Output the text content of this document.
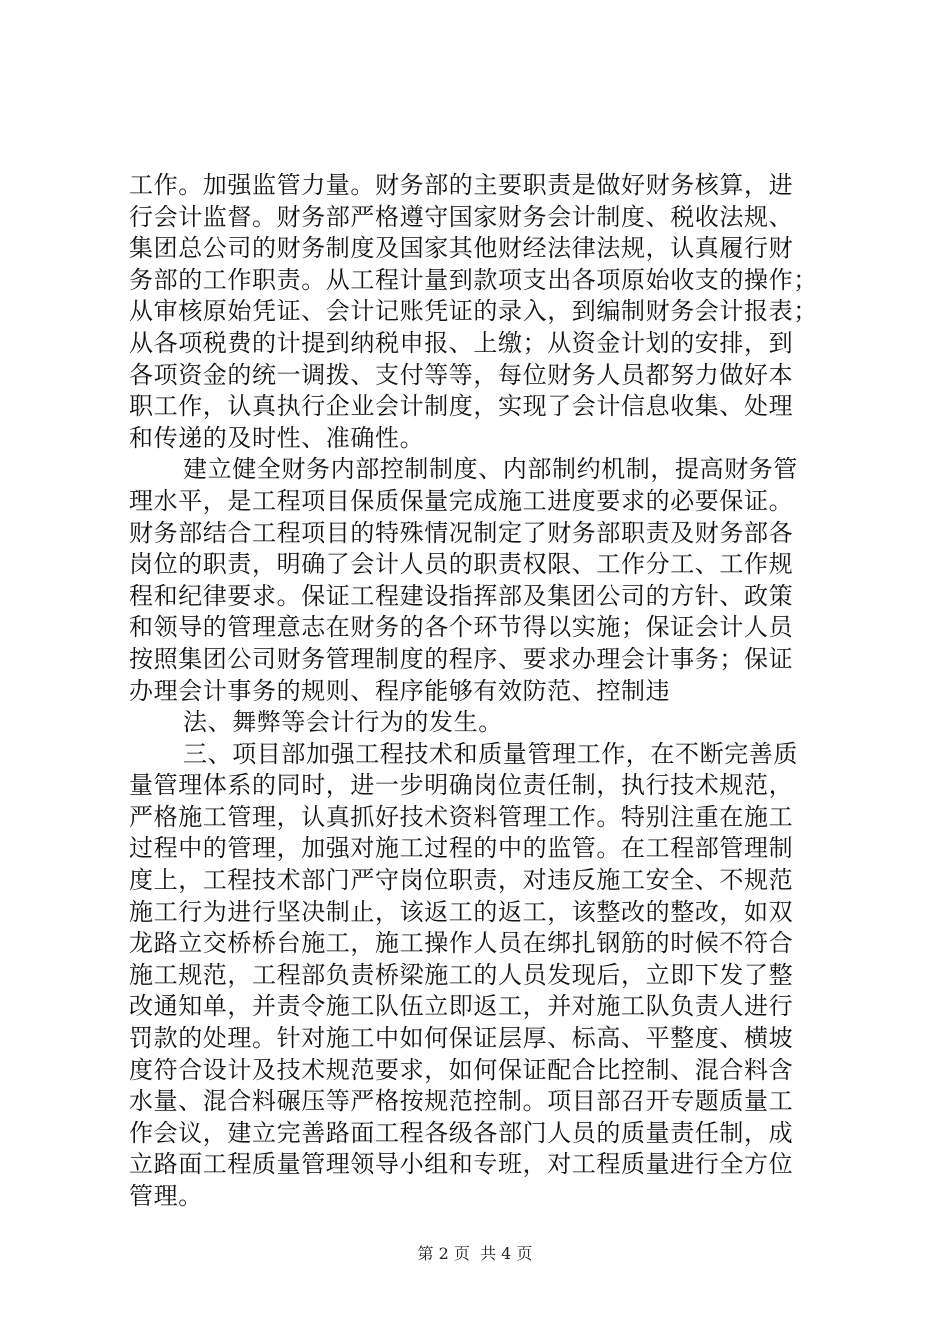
工作。加强监管力量。财务部的主要职责是做好财务核算，进
行会计监督。财务部严格遵守国家财务会计制度、税收法规、
集团总公司的财务制度及国家其他财经法律法规，认真履行财
务部的工作职责。从工程计量到款项支出各项原始收支的操作；
从审核原始凭证、会计记账凭证的录入，到编制财务会计报表；
从各项税费的计提到纳税申报、上缴；从资金计划的安排，到
各项资金的统一调拨、支付等等，每位财务人员都努力做好本
职工作，认真执行企业会计制度，实现了会计信息收集、处理
和传递的及时性、准确性。
建立健全财务内部控制制度、内部制约机制，提高财务管
理水平，是工程项目保质保量完成施工进度要求的必要保证。
财务部结合工程项目的特殊情况制定了财务部职责及财务部各
岗位的职责，明确了会计人员的职责权限、工作分工、工作规
程和纪律要求。保证工程建设指挥部及集团公司的方针、政策
和领导的管理意志在财务的各个环节得以实施；保证会计人员
按照集团公司财务管理制度的程序、要求办理会计事务；保证
办理会计事务的规则、程序能够有效防范、控制违
法、舞弊等会计行为的发生。
三、项目部加强工程技术和质量管理工作，在不断完善质
量管理体系的同时，进一步明确岗位责任制，执行技术规范，
严格施工管理，认真抓好技术资料管理工作。特别注重在施工
过程中的管理，加强对施工过程的中的监管。在工程部管理制
度上，工程技术部门严守岗位职责，对违反施工安全、不规范
施工行为进行坚决制止，该返工的返工，该整改的整改，如双
龙路立交桥桥台施工，施工操作人员在绑扎钢筋的时候不符合
施工规范，工程部负责桥梁施工的人员发现后，立即下发了整
改通知单，并责令施工队伍立即返工，并对施工队负责人进行
罚款的处理。针对施工中如何保证层厚、标高、平整度、横坡
度符合设计及技术规范要求，如何保证配合比控制、混合料含
水量、混合料碾压等严格按规范控制。项目部召开专题质量工
作会议，建立完善路面工程各级各部门人员的质量责任制，成
立路面工程质量管理领导小组和专班，对工程质量进行全方位
管理。
第 2 页  共 4 页
